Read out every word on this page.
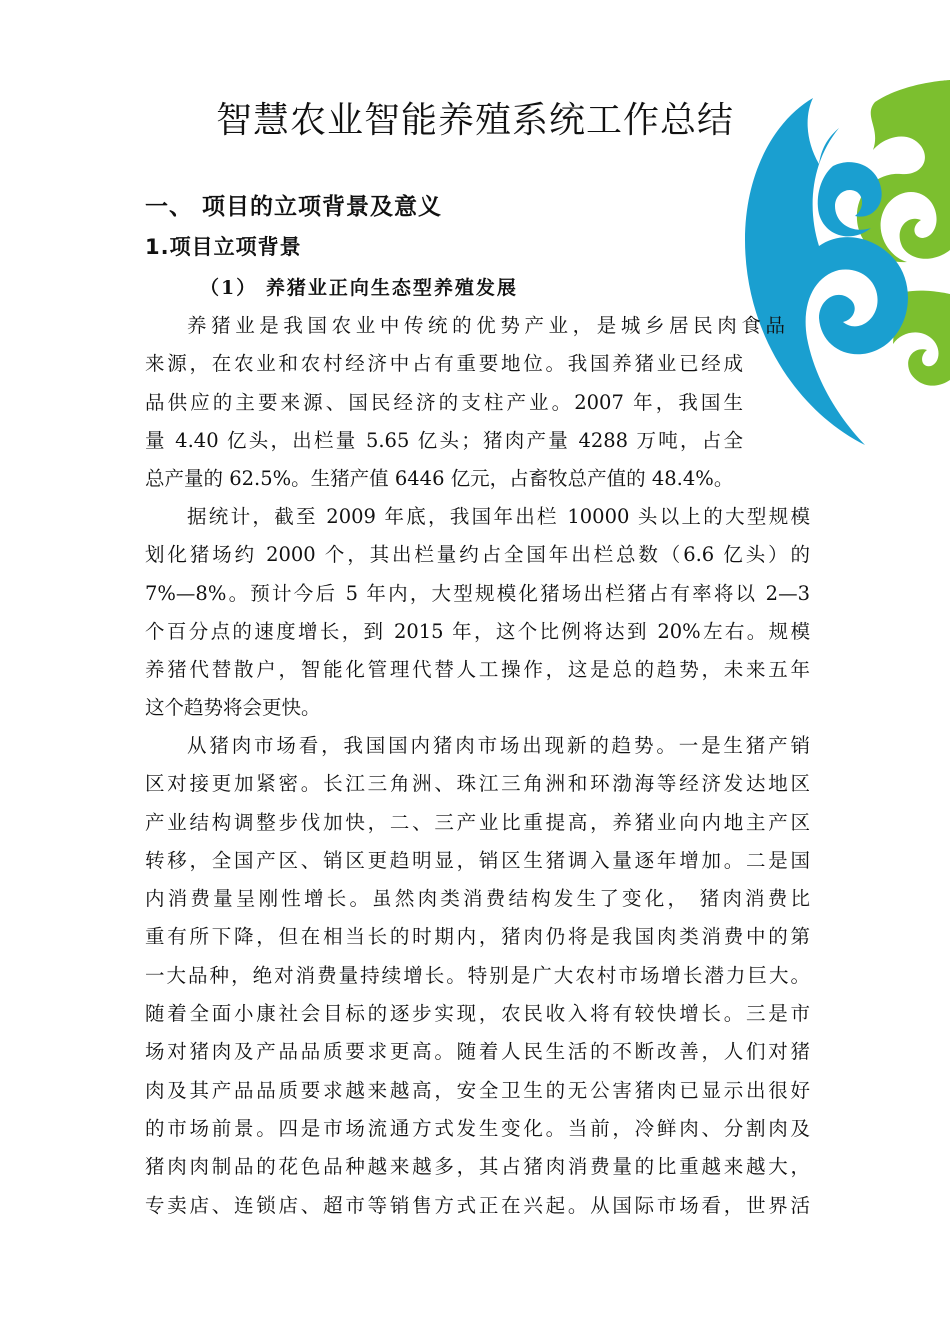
智慧农业智能养殖系统工作总结
一、 项目的立项背景及意义
1.项目立项背景
（1） 养猪业正向生态型养殖发展
养猪业是我国农业中传统的优势产业，是城乡居民肉食品
来源，在农业和农村经济中占有重要地位。我国养猪业已经成
品供应的主要来源、国民经济的支柱产业。2007 年，我国生
量 4.40 亿头，出栏量 5.65 亿头；猪肉产量 4288 万吨，占全
总产量的 62.5%。生猪产值 6446 亿元，占畜牧总产值的 48.4%。
据统计，截至 2009 年底，我国年出栏 10000 头以上的大型规模
划化猪场约 2000 个，其出栏量约占全国年出栏总数（6.6 亿头）的
7%—8%。预计今后 5 年内，大型规模化猪场出栏猪占有率将以 2—3
个百分点的速度增长，到 2015 年，这个比例将达到 20%左右。规模
养猪代替散户，智能化管理代替人工操作，这是总的趋势，未来五年
这个趋势将会更快。
从猪肉市场看，我国国内猪肉市场出现新的趋势。一是生猪产销
区对接更加紧密。长江三角洲、珠江三角洲和环渤海等经济发达地区
产业结构调整步伐加快，二、三产业比重提高，养猪业向内地主产区
转移，全国产区、销区更趋明显，销区生猪调入量逐年增加。二是国
内消费量呈刚性增长。虽然肉类消费结构发生了变化， 猪肉消费比
重有所下降，但在相当长的时期内，猪肉仍将是我国肉类消费中的第
一大品种，绝对消费量持续增长。特别是广大农村市场增长潜力巨大。
随着全面小康社会目标的逐步实现，农民收入将有较快增长。三是市
场对猪肉及产品品质要求更高。随着人民生活的不断改善，人们对猪
肉及其产品品质要求越来越高，安全卫生的无公害猪肉已显示出很好
的市场前景。四是市场流通方式发生变化。当前，冷鲜肉、分割肉及
猪肉肉制品的花色品种越来越多，其占猪肉消费量的比重越来越大，
专卖店、连锁店、超市等销售方式正在兴起。从国际市场看，世界活
